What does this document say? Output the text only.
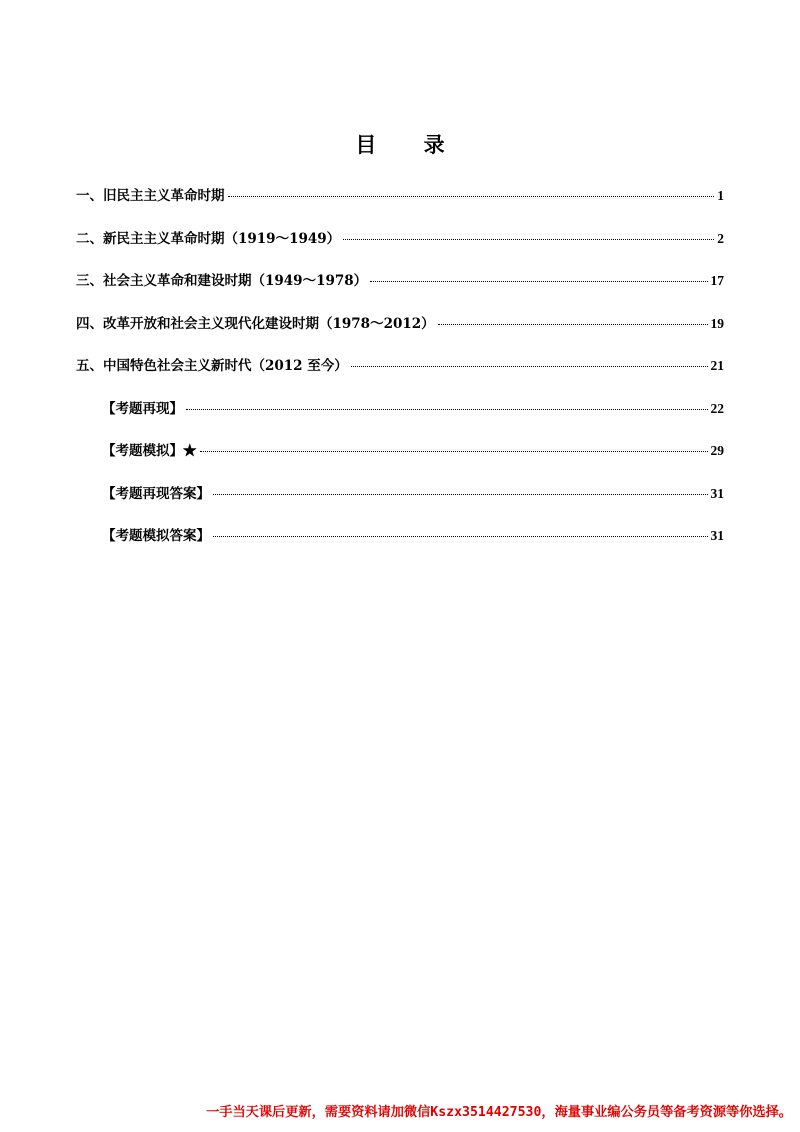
目 录
一、旧民主主义革命时期	1
二、新民主主义革命时期（1919～1949）	2
三、社会主义革命和建设时期（1949～1978）	17
四、改革开放和社会主义现代化建设时期（1978～2012）	19
五、中国特色社会主义新时代（2012 至今）	21
【考题再现】	22
【考题模拟】★	29
【考题再现答案】	31
【考题模拟答案】	31
一手当天课后更新，需要资料请加微信Kszx3514427530，海量事业编公务员等备考资源等你选择。
